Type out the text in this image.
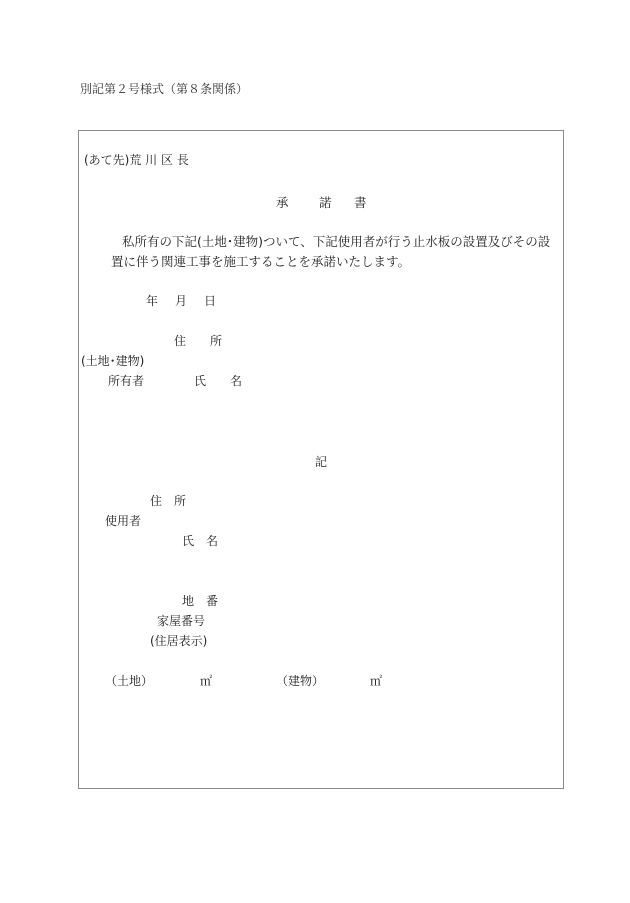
別記第２号様式（第８条関係）
(あて先)荒 川 区 長
承 諾 書
私所有の下記(土地･建物)ついて、下記使用者が行う止水板の設置及びその設
置に伴う関連工事を施工することを承諾いたします。
年 月 日
住　　所
(土地･建物)
所有者	氏　　名
記
住　所
使用者
氏　名
地　番
家屋番号
(住居表示)
（土地）	㎡	（建物）	㎡
